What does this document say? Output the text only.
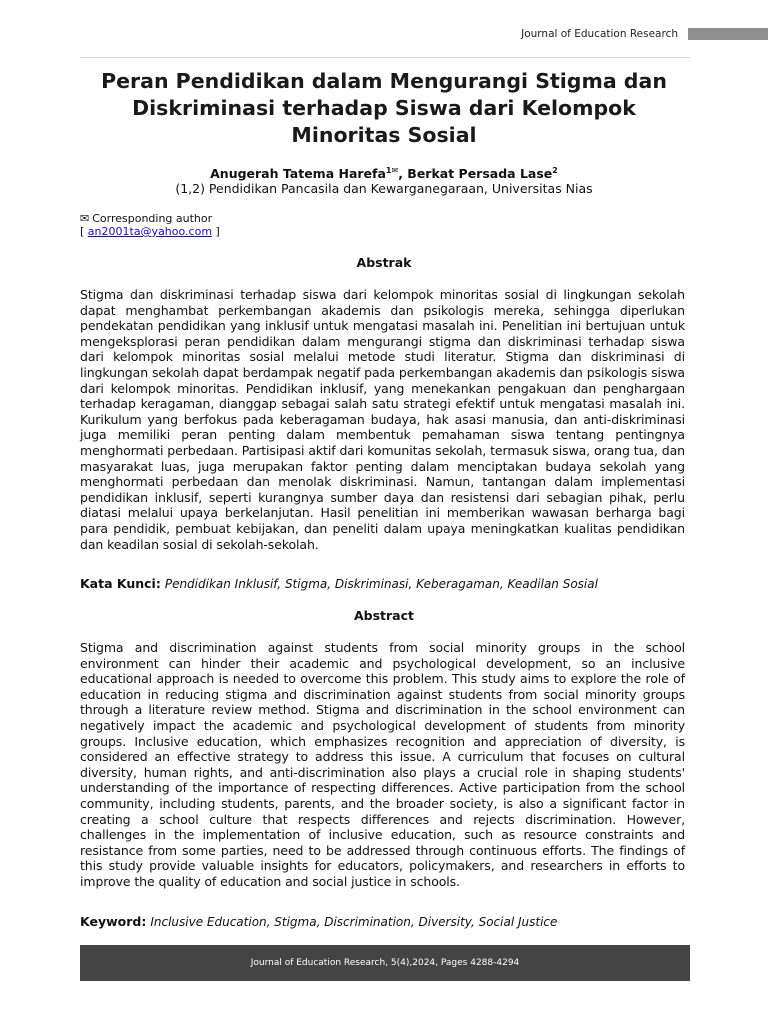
Journal of Education Research
Peran Pendidikan dalam Mengurangi Stigma dan Diskriminasi terhadap Siswa dari Kelompok Minoritas Sosial
Anugerah Tatema Harefa$^{1✉}$, Berkat Persada Lase$^2$
(1,2) Pendidikan Pancasila dan Kewarganegaraan, Universitas Nias
✉ Corresponding author
[ an2001ta@yahoo.com ]
Abstrak

Stigma dan diskriminasi terhadap siswa dari kelompok minoritas sosial di lingkungan sekolah dapat menghambat perkembangan akademis dan psikologis mereka, sehingga diperlukan pendekatan pendidikan yang inklusif untuk mengatasi masalah ini. Penelitian ini bertujuan untuk mengeksplorasi peran pendidikan dalam mengurangi stigma dan diskriminasi terhadap siswa dari kelompok minoritas sosial melalui metode studi literatur. Stigma dan diskriminasi di lingkungan sekolah dapat berdampak negatif pada perkembangan akademis dan psikologis siswa dari kelompok minoritas. Pendidikan inklusif, yang menekankan pengakuan dan penghargaan terhadap keragaman, dianggap sebagai salah satu strategi efektif untuk mengatasi masalah ini. Kurikulum yang berfokus pada keberagaman budaya, hak asasi manusia, dan anti-diskriminasi juga memiliki peran penting dalam membentuk pemahaman siswa tentang pentingnya menghormati perbedaan. Partisipasi aktif dari komunitas sekolah, termasuk siswa, orang tua, dan masyarakat luas, juga merupakan faktor penting dalam menciptakan budaya sekolah yang menghormati perbedaan dan menolak diskriminasi. Namun, tantangan dalam implementasi pendidikan inklusif, seperti kurangnya sumber daya dan resistensi dari sebagian pihak, perlu diatasi melalui upaya berkelanjutan. Hasil penelitian ini memberikan wawasan berharga bagi para pendidik, pembuat kebijakan, dan peneliti dalam upaya meningkatkan kualitas pendidikan dan keadilan sosial di sekolah-sekolah.

Kata Kunci: Pendidikan Inklusif, Stigma, Diskriminasi, Keberagaman, Keadilan Sosial
Abstract

Stigma and discrimination against students from social minority groups in the school environment can hinder their academic and psychological development, so an inclusive educational approach is needed to overcome this problem. This study aims to explore the role of education in reducing stigma and discrimination against students from social minority groups through a literature review method. Stigma and discrimination in the school environment can negatively impact the academic and psychological development of students from minority groups. Inclusive education, which emphasizes recognition and appreciation of diversity, is considered an effective strategy to address this issue. A curriculum that focuses on cultural diversity, human rights, and anti-discrimination also plays a crucial role in shaping students' understanding of the importance of respecting differences. Active participation from the school community, including students, parents, and the broader society, is also a significant factor in creating a school culture that respects differences and rejects discrimination. However, challenges in the implementation of inclusive education, such as resource constraints and resistance from some parties, need to be addressed through continuous efforts. The findings of this study provide valuable insights for educators, policymakers, and researchers in efforts to improve the quality of education and social justice in schools.

Keyword: Inclusive Education, Stigma, Discrimination, Diversity, Social Justice
Journal of Education Research, 5(4),2024, Pages 4288-4294
